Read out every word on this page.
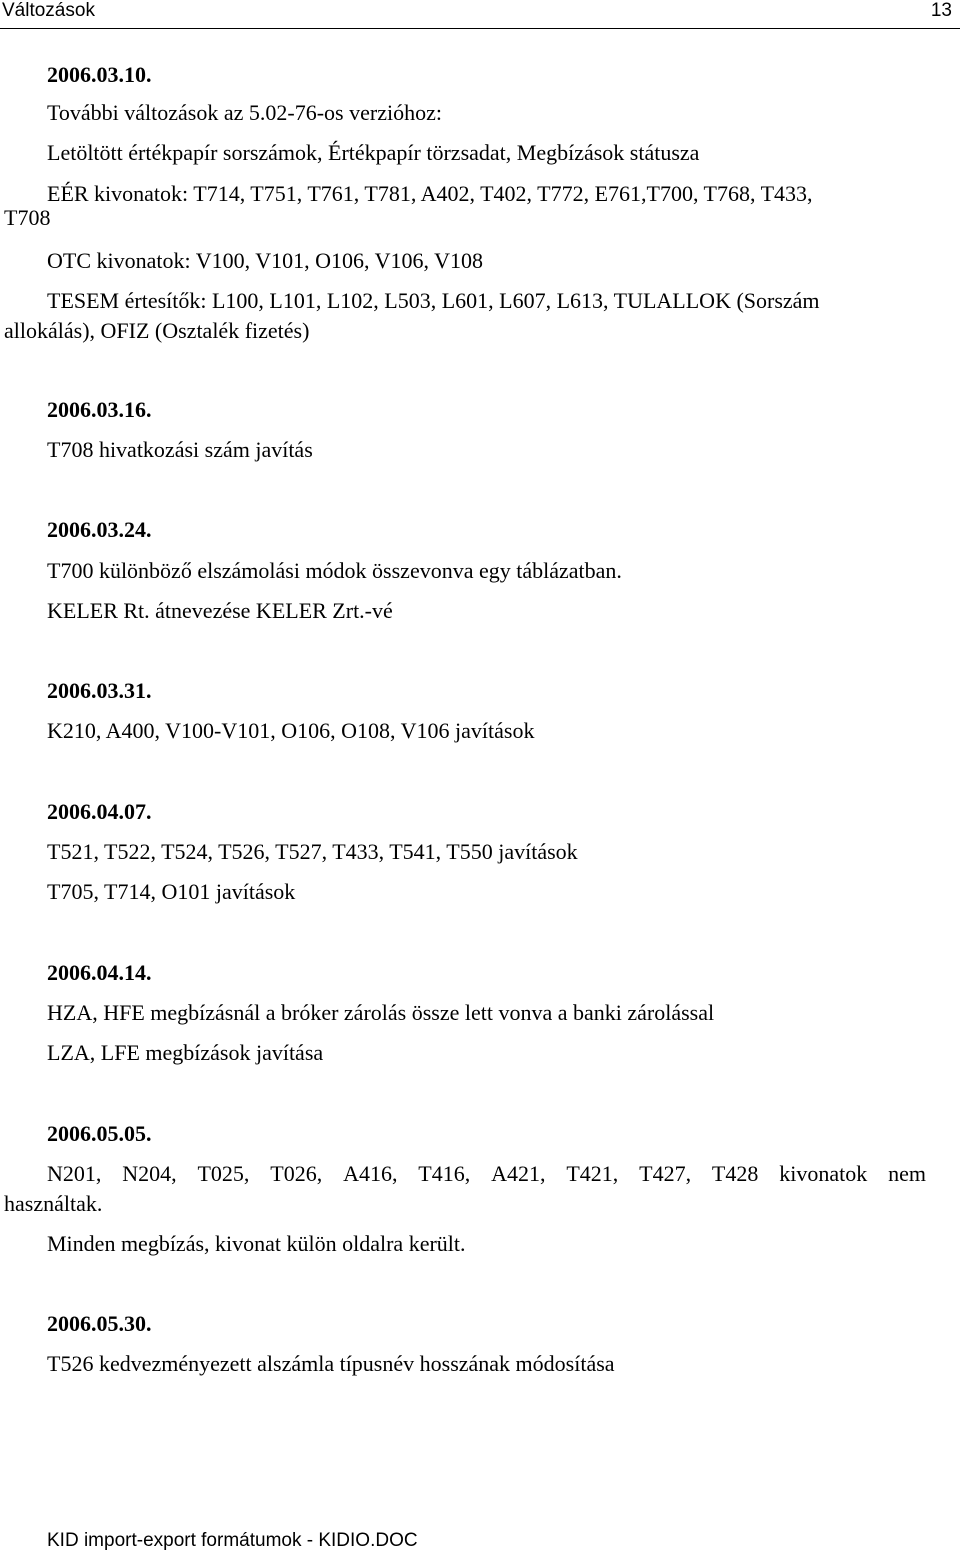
Változások	13
2006.03.10.
További változások az 5.02-76-os verzióhoz:
Letöltött értékpapír sorszámok, Értékpapír törzsadat, Megbízások státusza
EÉR kivonatok: T714, T751, T761, T781, A402, T402, T772, E761,T700, T768, T433,
T708
OTC kivonatok: V100, V101, O106, V106, V108
TESEM értesítők: L100, L101, L102, L503, L601, L607, L613, TULALLOK (Sorszám
allokálás), OFIZ (Osztalék fizetés)
2006.03.16.
T708 hivatkozási szám javítás
2006.03.24.
T700 különböző elszámolási módok összevonva egy táblázatban.
KELER Rt. átnevezése KELER Zrt.-vé
2006.03.31.
K210, A400, V100-V101, O106, O108, V106 javítások
2006.04.07.
T521, T522, T524, T526, T527, T433, T541, T550 javítások
T705, T714, O101 javítások
2006.04.14.
HZA, HFE megbízásnál a bróker zárolás össze lett vonva a banki zárolással
LZA, LFE megbízások javítása
2006.05.05.
N201, N204, T025, T026, A416, T416, A421, T421, T427, T428 kivonatok nem
használtak.
Minden megbízás, kivonat külön oldalra került.
2006.05.30.
T526 kedvezményezett alszámla típusnév hosszának módosítása
KID import-export formátumok - KIDIO.DOC
